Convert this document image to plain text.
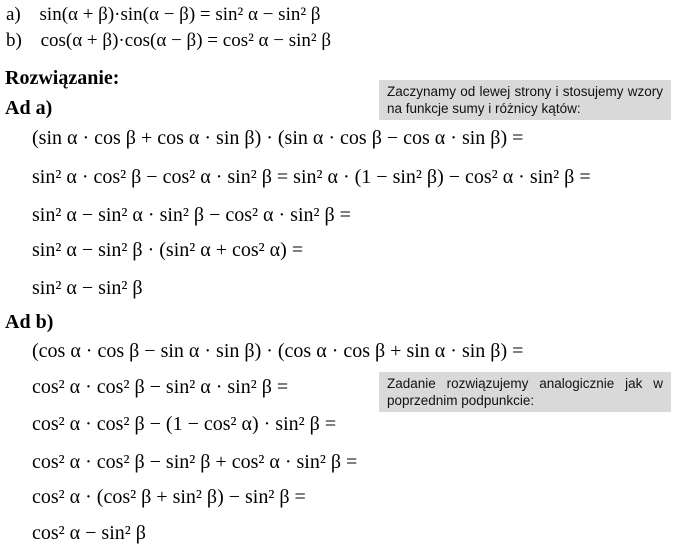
a) sin(α + β)·sin(α − β) = sin² α − sin² β
b) cos(α + β)·cos(α − β) = cos² α − sin² β
Rozwiązanie:
Zaczynamy od lewej strony i stosujemy wzory na funkcje sumy i różnicy kątów:
Ad a)
(sin α · cos β + cos α · sin β) · (sin α · cos β − cos α · sin β) =
sin² α · cos² β − cos² α · sin² β = sin² α · (1 − sin² β) − cos² α · sin² β =
sin² α − sin² α · sin² β − cos² α · sin² β =
sin² α − sin² β · (sin² α + cos² α) =
sin² α − sin² β
Ad b)
(cos α · cos β − sin α · sin β) · (cos α · cos β + sin α · sin β) =
cos² α · cos² β − sin² α · sin² β =	Zadanie rozwiązujemy analogicznie jak w poprzednim podpunkcie:
cos² α · cos² β − (1 − cos² α) · sin² β =
cos² α · cos² β − sin² β + cos² α · sin² β =
cos² α · (cos² β + sin² β) − sin² β =
cos² α − sin² β
